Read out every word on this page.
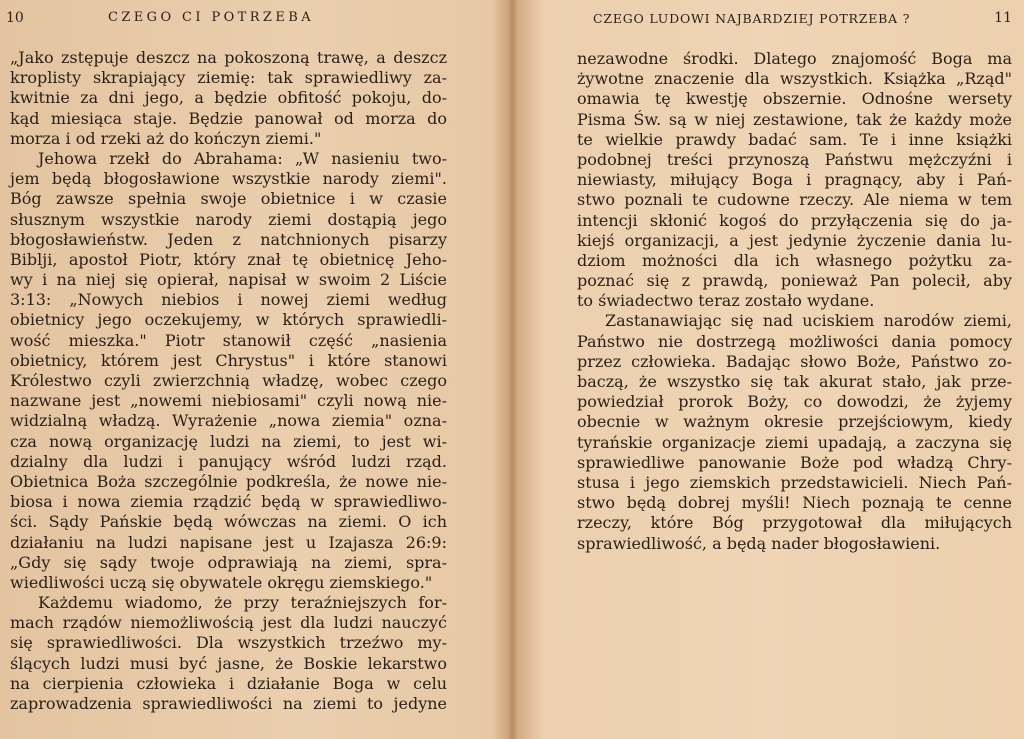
10	CZEGO CI POTRZEBA
„Jako zstępuje deszcz na pokoszoną trawę, a deszcz
kroplisty skrapiający ziemię: tak sprawiedliwy za-
kwitnie za dni jego, a będzie obfitość pokoju, do-
kąd miesiąca staje. Będzie panował od morza do
morza i od rzeki aż do kończyn ziemi."
Jehowa rzekł do Abrahama: „W nasieniu two-
jem będą błogosławione wszystkie narody ziemi".
Bóg zawsze spełnia swoje obietnice i w czasie
słusznym wszystkie narody ziemi dostąpią jego
błogosławieństw. Jeden z natchnionych pisarzy
Biblji, apostoł Piotr, który znał tę obietnicę Jeho-
wy i na niej się opierał, napisał w swoim 2 Liście
3:13: „Nowych niebios i nowej ziemi według
obietnicy jego oczekujemy, w których sprawiedli-
wość mieszka." Piotr stanowił część „nasienia
obietnicy, którem jest Chrystus" i które stanowi
Królestwo czyli zwierzchnią władzę, wobec czego
nazwane jest „nowemi niebiosami" czyli nową nie-
widzialną władzą. Wyrażenie „nowa ziemia" ozna-
cza nową organizację ludzi na ziemi, to jest wi-
dzialny dla ludzi i panujący wśród ludzi rząd.
Obietnica Boża szczególnie podkreśla, że nowe nie-
biosa i nowa ziemia rządzić będą w sprawiedliwo-
ści. Sądy Pańskie będą wówczas na ziemi. O ich
działaniu na ludzi napisane jest u Izajasza 26:9:
„Gdy się sądy twoje odprawiają na ziemi, spra-
wiedliwości uczą się obywatele okręgu ziemskiego."
Każdemu wiadomo, że przy teraźniejszych for-
mach rządów niemożliwością jest dla ludzi nauczyć
się sprawiedliwości. Dla wszystkich trzeźwo my-
ślących ludzi musi być jasne, że Boskie lekarstwo
na cierpienia człowieka i działanie Boga w celu
zaprowadzenia sprawiedliwości na ziemi to jedyne
CZEGO LUDOWI NAJBARDZIEJ POTRZEBA ?	11
nezawodne środki. Dlatego znajomość Boga ma
żywotne znaczenie dla wszystkich. Książka „Rząd"
omawia tę kwestję obszernie. Odnośne wersety
Pisma Św. są w niej zestawione, tak że każdy może
te wielkie prawdy badać sam. Te i inne książki
podobnej treści przynoszą Państwu mężczyźni i
niewiasty, miłujący Boga i pragnący, aby i Pań-
stwo poznali te cudowne rzeczy. Ale niema w tem
intencji skłonić kogoś do przyłączenia się do ja-
kiejś organizacji, a jest jedynie życzenie dania lu-
dziom możności dla ich własnego pożytku za-
poznać się z prawdą, ponieważ Pan polecił, aby
to świadectwo teraz zostało wydane.
Zastanawiając się nad uciskiem narodów ziemi,
Państwo nie dostrzegą możliwości dania pomocy
przez człowieka. Badając słowo Boże, Państwo zo-
baczą, że wszystko się tak akurat stało, jak prze-
powiedział prorok Boży, co dowodzi, że żyjemy
obecnie w ważnym okresie przejściowym, kiedy
tyrańskie organizacje ziemi upadają, a zaczyna się
sprawiedliwe panowanie Boże pod władzą Chry-
stusa i jego ziemskich przedstawicieli. Niech Pań-
stwo będą dobrej myśli! Niech poznają te cenne
rzeczy, które Bóg przygotował dla miłujących
sprawiedliwość, a będą nader błogosławieni.
